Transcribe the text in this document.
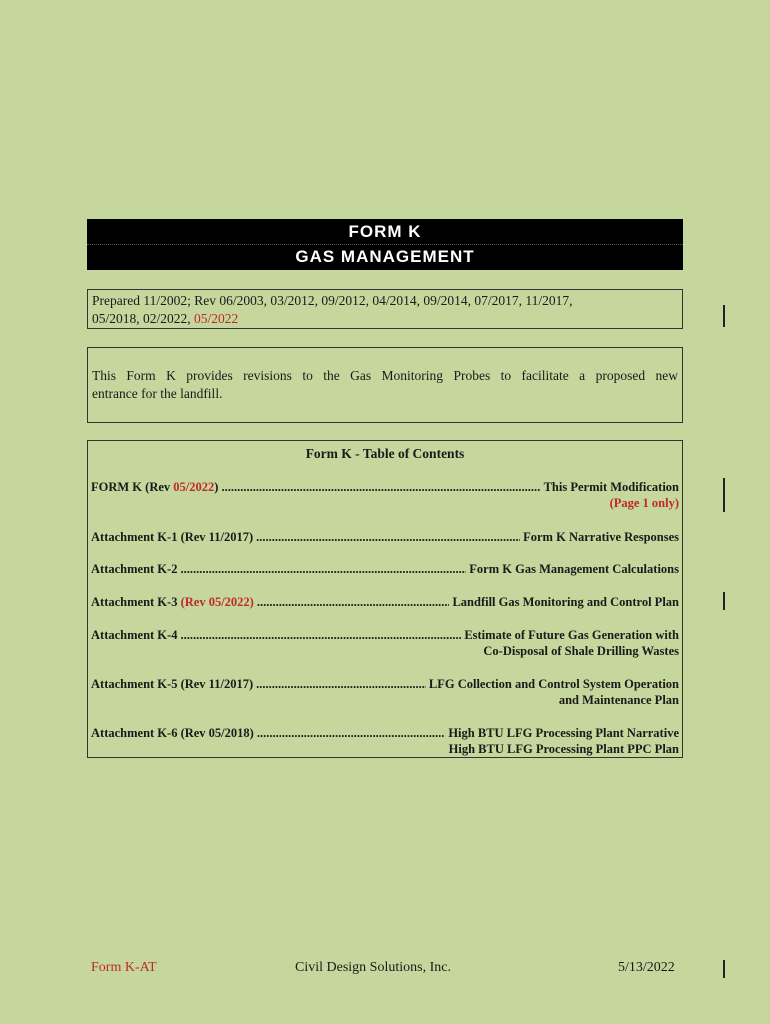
FORM K
GAS MANAGEMENT
Prepared 11/2002; Rev 06/2003, 03/2012, 09/2012, 04/2014, 09/2014, 07/2017, 11/2017,
05/2018, 02/2022, 05/2022
This Form K provides revisions to the Gas Monitoring Probes to facilitate a proposed new
entrance for the landfill.
Form K - Table of Contents
FORM K (Rev 05/2022) .....	This Permit Modification
(Page 1 only)
Attachment K-1 (Rev 11/2017) .....	Form K Narrative Responses
Attachment K-2 .....	Form K Gas Management Calculations
Attachment K-3 (Rev 05/2022) .....	Landfill Gas Monitoring and Control Plan
Attachment K-4 .....	Estimate of Future Gas Generation with
Co-Disposal of Shale Drilling Wastes
Attachment K-5 (Rev 11/2017) .....	LFG Collection and Control System Operation
and Maintenance Plan
Attachment K-6 (Rev 05/2018) .....	High BTU LFG Processing Plant Narrative
High BTU LFG Processing Plant PPC Plan
Form K-AT	Civil Design Solutions, Inc.	5/13/2022
